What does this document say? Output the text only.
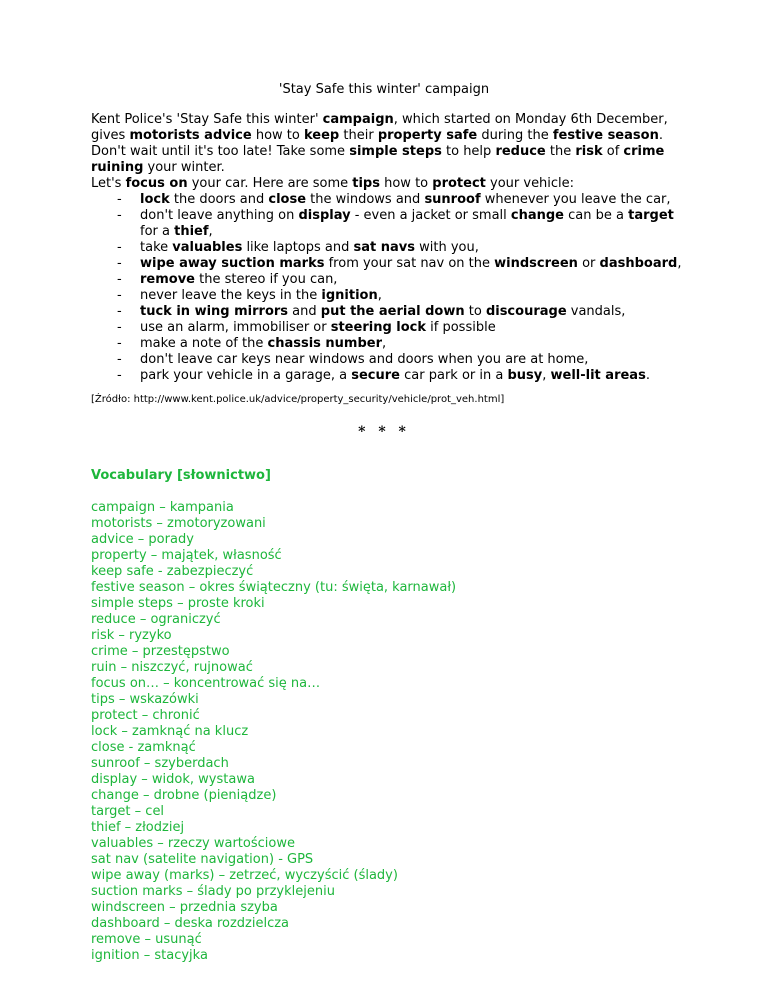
'Stay Safe this winter' campaign

Kent Police's 'Stay Safe this winter' campaign, which started on Monday 6th December, gives motorists advice how to keep their property safe during the festive season. Don't wait until it's too late! Take some simple steps to help reduce the risk of crime ruining your winter.

Let's focus on your car. Here are some tips how to protect your vehicle:

- lock the doors and close the windows and sunroof whenever you leave the car,
- don't leave anything on display - even a jacket or small change can be a target for a thief,
- take valuables like laptops and sat navs with you,
- wipe away suction marks from your sat nav on the windscreen or dashboard,
- remove the stereo if you can,
- never leave the keys in the ignition,
- tuck in wing mirrors and put the aerial down to discourage vandals,
- use an alarm, immobiliser or steering lock if possible
- make a note of the chassis number,
- don't leave car keys near windows and doors when you are at home,
- park your vehicle in a garage, a secure car park or in a busy, well-lit areas.
[Źródło: http://www.kent.police.uk/advice/property_security/vehicle/prot_veh.html]
* * *
Vocabulary [słownictwo]
campaign – kampania
motorists – zmotoryzowani
advice – porady
property – majątek, własność
keep safe - zabezpieczyć
festive season – okres świąteczny (tu: święta, karnawał)
simple steps – proste kroki
reduce – ograniczyć
risk – ryzyko
crime – przestępstwo
ruin – niszczyć, rujnować
focus on… – koncentrować się na…
tips – wskazówki
protect – chronić
lock – zamknąć na klucz
close - zamknąć
sunroof – szyberdach
display – widok, wystawa
change – drobne (pieniądze)
target – cel
thief – złodziej
valuables – rzeczy wartościowe
sat nav (satelite navigation) - GPS
wipe away (marks) – zetrzeć, wyczyścić (ślady)
suction marks – ślady po przyklejeniu
windscreen – przednia szyba
dashboard – deska rozdzielcza
remove – usunąć
ignition – stacyjka
